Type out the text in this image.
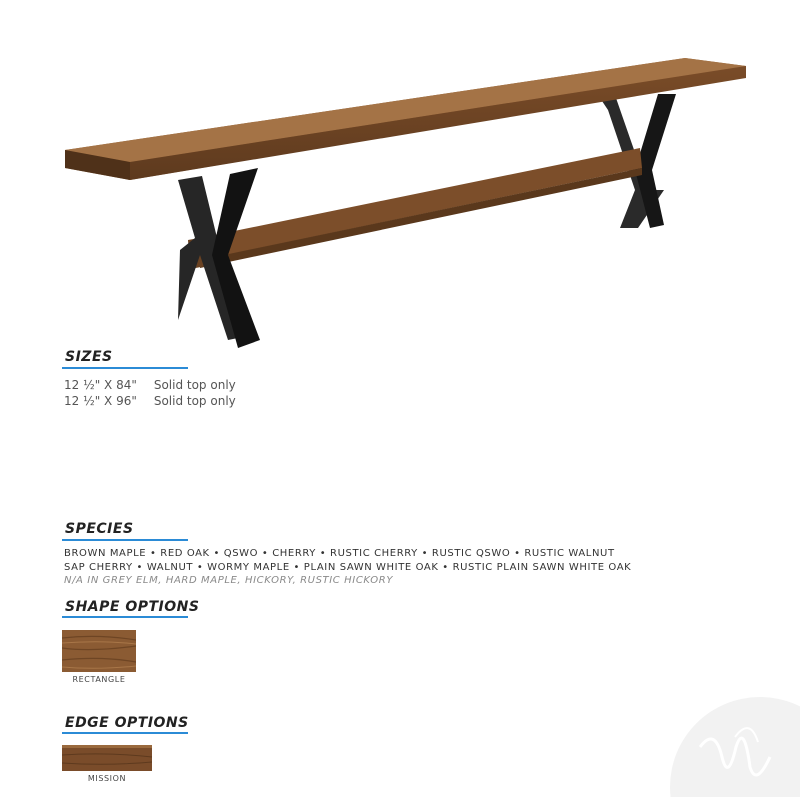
SIZES
12 ½" X 84" Solid top only
12 ½" X 96" Solid top only
SPECIES
BROWN MAPLE • RED OAK • QSWO • CHERRY • RUSTIC CHERRY • RUSTIC QSWO • RUSTIC WALNUT
SAP CHERRY • WALNUT • WORMY MAPLE • PLAIN SAWN WHITE OAK • RUSTIC PLAIN SAWN WHITE OAK
N/A IN GREY ELM, HARD MAPLE, HICKORY, RUSTIC HICKORY
SHAPE OPTIONS
RECTANGLE
EDGE OPTIONS
MISSION
